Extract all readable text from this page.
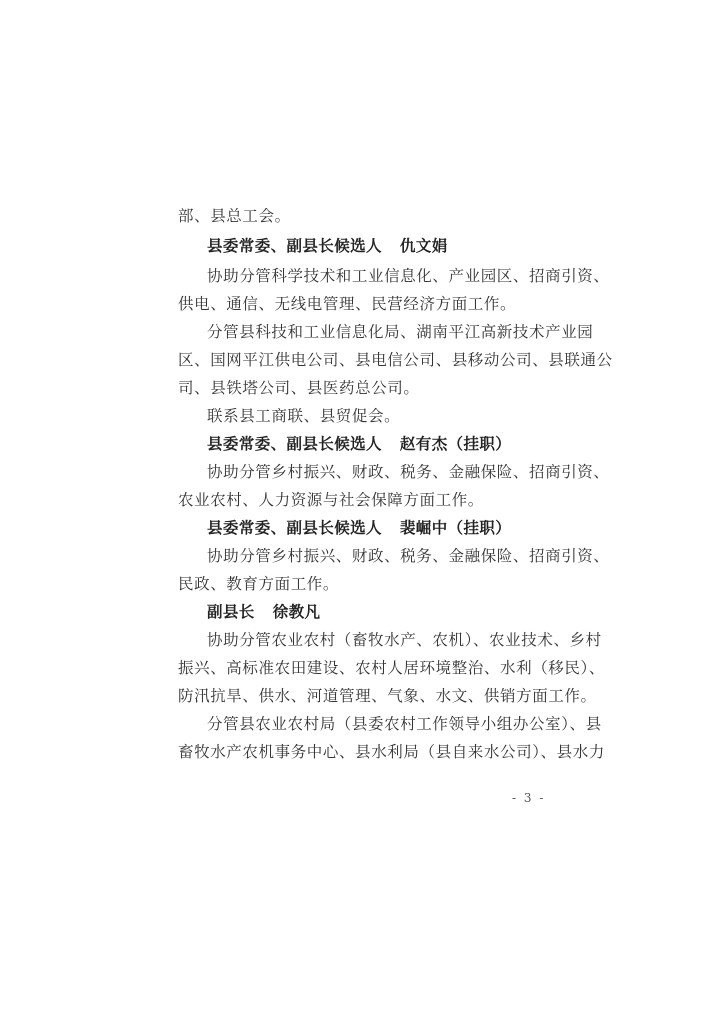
部、县总工会。
县委常委、副县长候选人 仇文娟
协助分管科学技术和工业信息化、产业园区、招商引资、
供电、通信、无线电管理、民营经济方面工作。
分管县科技和工业信息化局、湖南平江高新技术产业园
区、国网平江供电公司、县电信公司、县移动公司、县联通公
司、县铁塔公司、县医药总公司。
联系县工商联、县贸促会。
县委常委、副县长候选人 赵有杰（挂职）
协助分管乡村振兴、财政、税务、金融保险、招商引资、
农业农村、人力资源与社会保障方面工作。
县委常委、副县长候选人 裴崛中（挂职）
协助分管乡村振兴、财政、税务、金融保险、招商引资、
民政、教育方面工作。
副县长 徐教凡
协助分管农业农村（畜牧水产、农机）、农业技术、乡村
振兴、高标准农田建设、农村人居环境整治、水利（移民）、
防汛抗旱、供水、河道管理、气象、水文、供销方面工作。
分管县农业农村局（县委农村工作领导小组办公室）、县
畜牧水产农机事务中心、县水利局（县自来水公司）、县水力
- 3 -
